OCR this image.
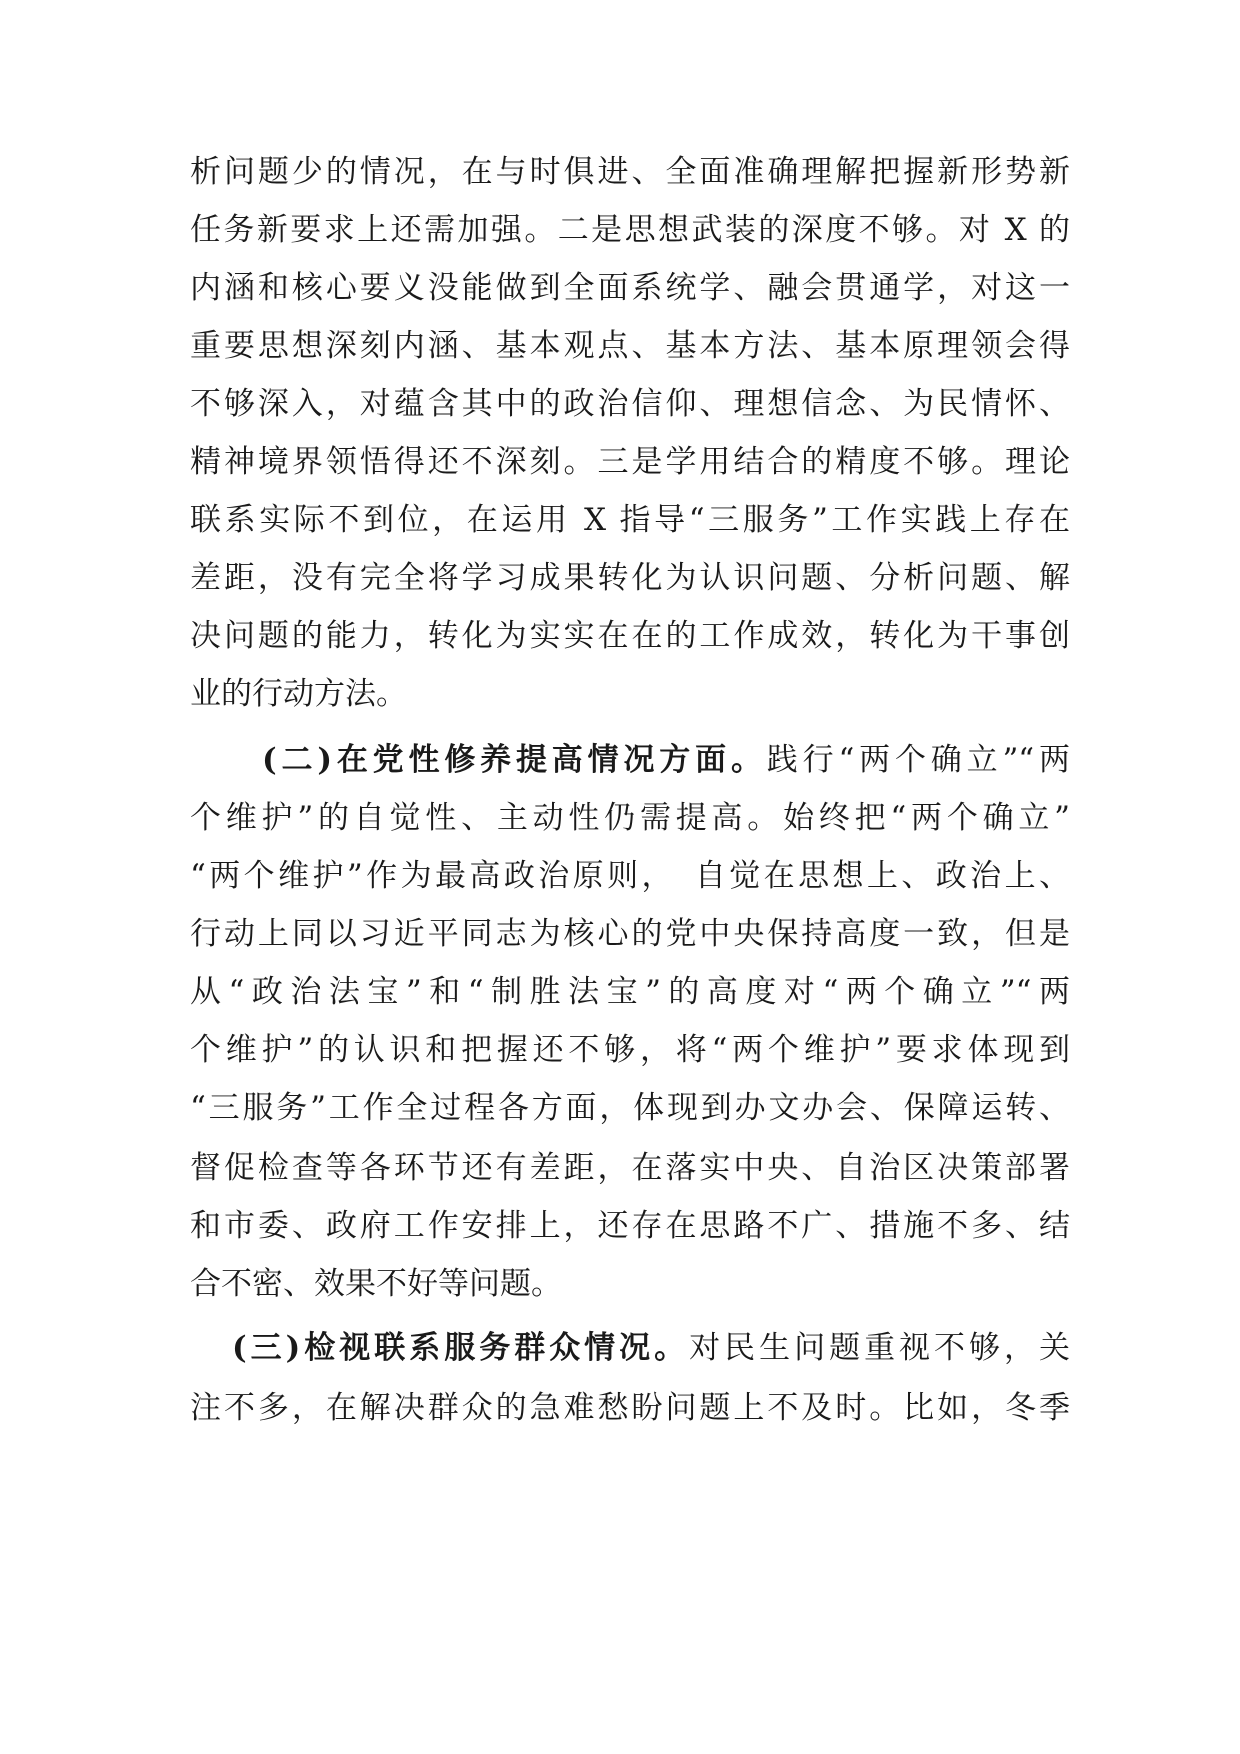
析问题少的情况，在与时俱进、全面准确理解把握新形势新
任务新要求上还需加强。二是思想武装的深度不够。对 X 的
内涵和核心要义没能做到全面系统学、融会贯通学，对这一
重要思想深刻内涵、基本观点、基本方法、基本原理领会得
不够深入，对蕴含其中的政治信仰、理想信念、为民情怀、
精神境界领悟得还不深刻。三是学用结合的精度不够。理论
联系实际不到位，在运用 X 指导“三服务”工作实践上存在
差距，没有完全将学习成果转化为认识问题、分析问题、解
决问题的能力，转化为实实在在的工作成效，转化为干事创
业的行动方法。
(二)在党性修养提高情况方面。践行“两个确立”“两
个维护”的自觉性、主动性仍需提高。始终把“两个确立”
“两个维护”作为最高政治原则，　自觉在思想上、政治上、
行动上同以习近平同志为核心的党中央保持高度一致，但是
从“政治法宝”和“制胜法宝”的高度对“两个确立”“两
个维护”的认识和把握还不够，将“两个维护”要求体现到
“三服务”工作全过程各方面，体现到办文办会、保障运转、
督促检查等各环节还有差距，在落实中央、自治区决策部署
和市委、政府工作安排上，还存在思路不广、措施不多、结
合不密、效果不好等问题。
(三)检视联系服务群众情况。对民生问题重视不够，关
注不多，在解决群众的急难愁盼问题上不及时。比如，冬季
